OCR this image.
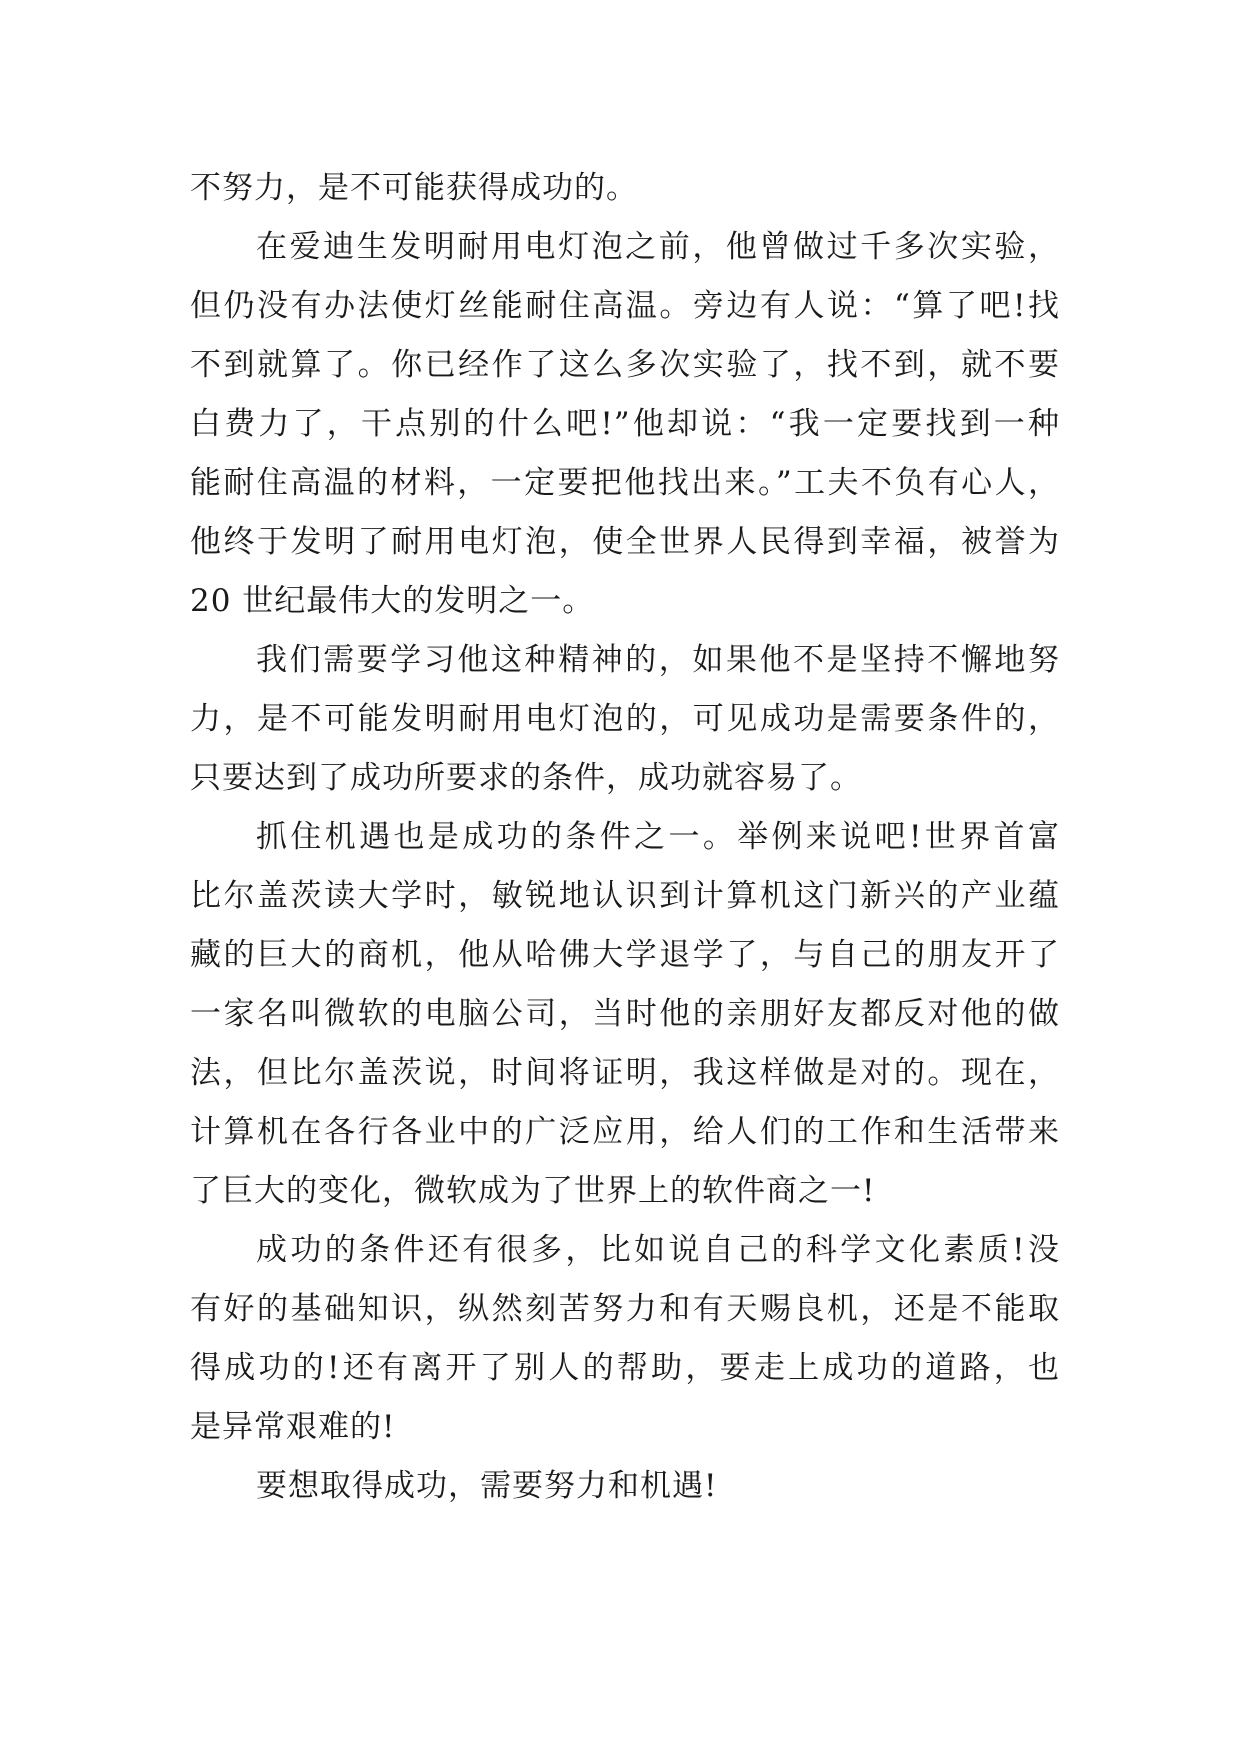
不努力，是不可能获得成功的。
在爱迪生发明耐用电灯泡之前，他曾做过千多次实验，
但仍没有办法使灯丝能耐住高温。旁边有人说：“算了吧!找
不到就算了。你已经作了这么多次实验了，找不到，就不要
白费力了，干点别的什么吧!”他却说：“我一定要找到一种
能耐住高温的材料，一定要把他找出来。”工夫不负有心人，
他终于发明了耐用电灯泡，使全世界人民得到幸福，被誉为
20 世纪最伟大的发明之一。
我们需要学习他这种精神的，如果他不是坚持不懈地努
力，是不可能发明耐用电灯泡的，可见成功是需要条件的，
只要达到了成功所要求的条件，成功就容易了。
抓住机遇也是成功的条件之一。举例来说吧!世界首富
比尔盖茨读大学时，敏锐地认识到计算机这门新兴的产业蕴
藏的巨大的商机，他从哈佛大学退学了，与自己的朋友开了
一家名叫微软的电脑公司，当时他的亲朋好友都反对他的做
法，但比尔盖茨说，时间将证明，我这样做是对的。现在，
计算机在各行各业中的广泛应用，给人们的工作和生活带来
了巨大的变化，微软成为了世界上的软件商之一!
成功的条件还有很多，比如说自己的科学文化素质!没
有好的基础知识，纵然刻苦努力和有天赐良机，还是不能取
得成功的!还有离开了别人的帮助，要走上成功的道路，也
是异常艰难的!
要想取得成功，需要努力和机遇!
